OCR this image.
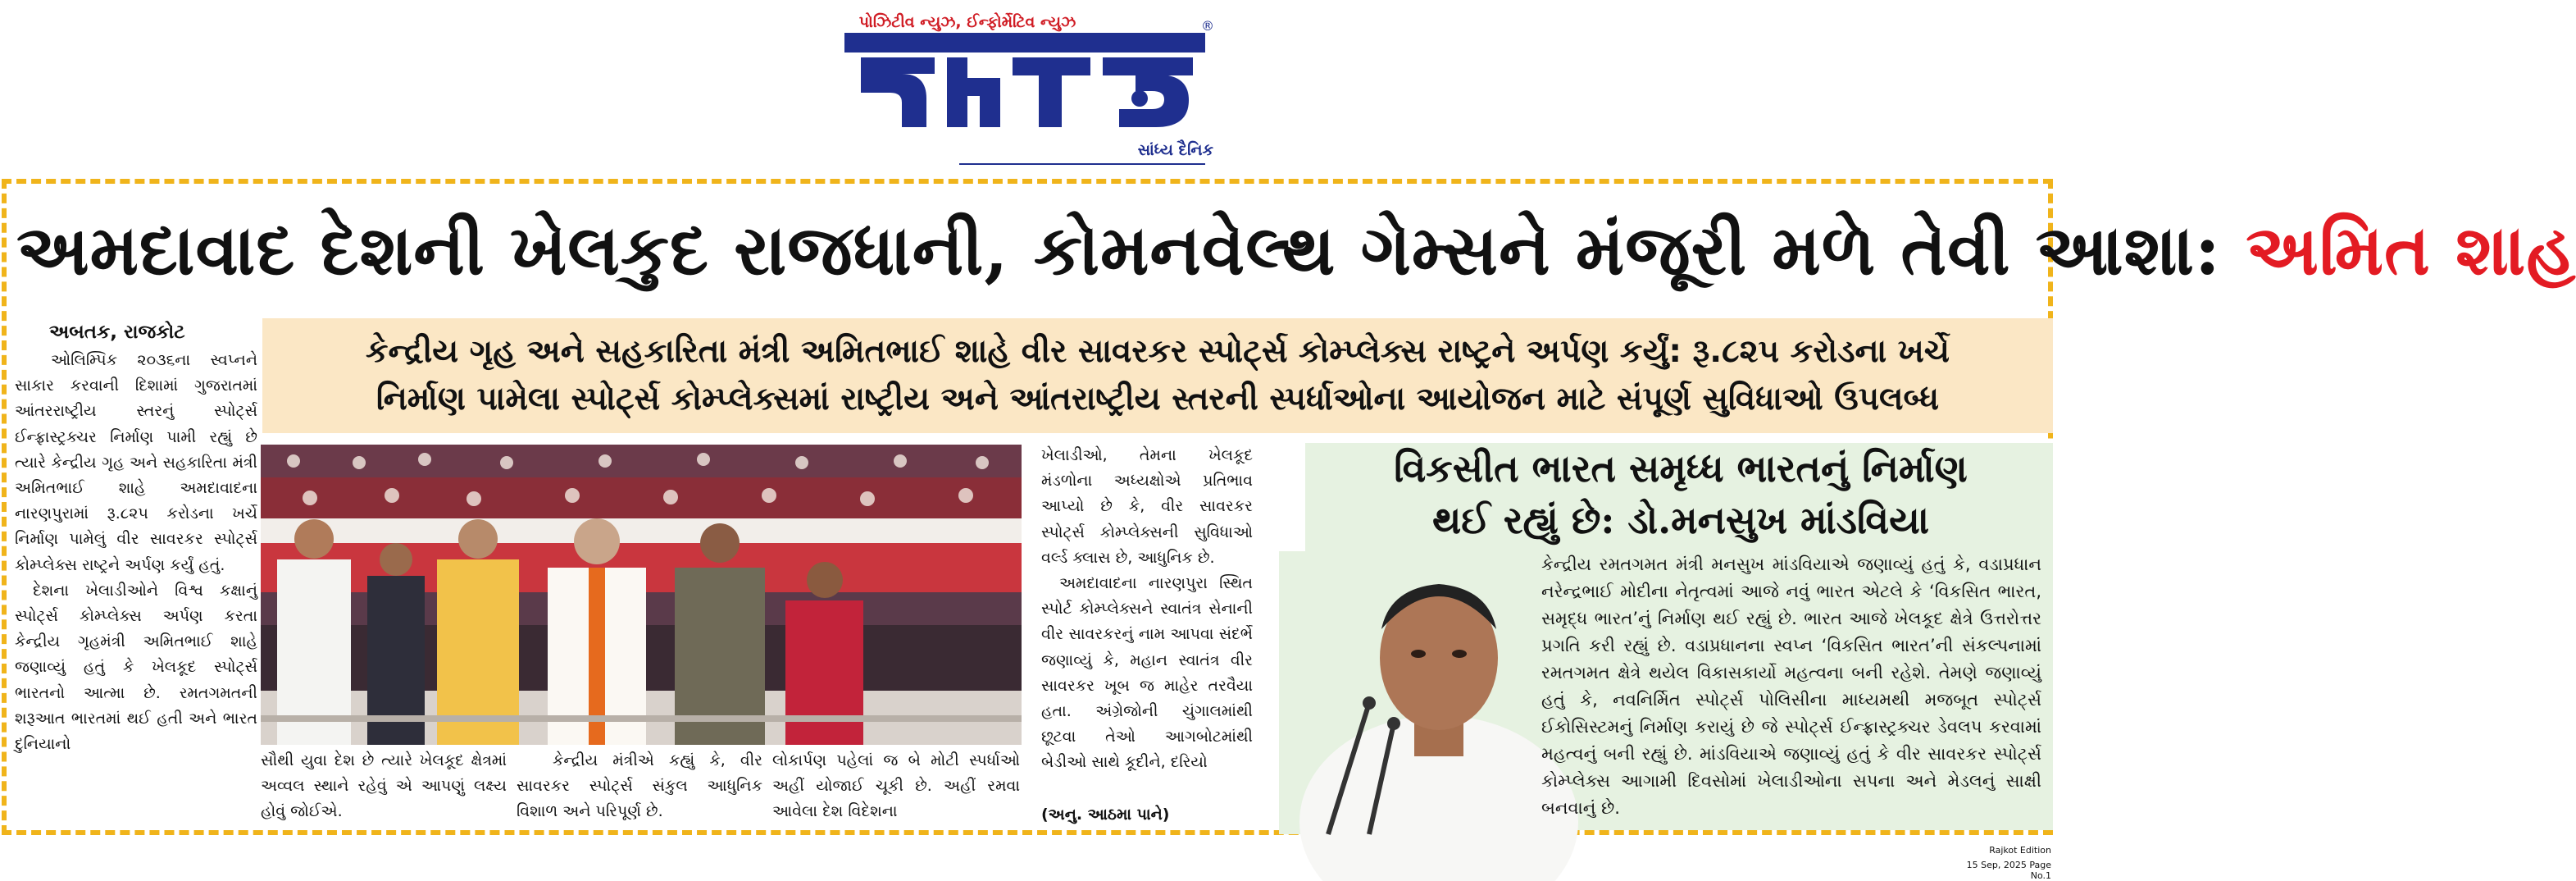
પોઝિટીવ ન્યુઝ, ઈન્ફોર્મેટિવ ન્યુઝ	®
સાંધ્ય દૈનિક
અમદાવાદ દેશની ખેલકુદ રાજધાની, કોમનવેલ્થ ગેમ્સને મંજૂરી મળે તેવી આશા: અમિત શાહ
કેન્દ્રીય ગૃહ અને સહકારિતા મંત્રી અમિતભાઈ શાહે વીર સાવરકર સ્પોર્ટ્સ કોમ્પ્લેક્સ રાષ્ટ્રને અર્પણ કર્યું: રૂ.૮૨૫ કરોડના ખર્ચે
નિર્માણ પામેલા સ્પોર્ટ્સ કોમ્પ્લેક્સમાં રાષ્ટ્રીય અને આંતરાષ્ટ્રીય સ્તરની સ્પર્ધાઓના આયોજન માટે સંપૂર્ણ સુવિધાઓ ઉપલબ્ધ
અબતક, રાજકોટ

ઓલિમ્પિક ૨૦૩૬ના સ્વપ્નને સાકાર કરવાની દિશામાં ગુજરાતમાં આંતરરાષ્ટ્રીય સ્તરનું સ્પોર્ટ્સ ઈન્ફ્રાસ્ટ્રક્ચર નિર્માણ પામી રહ્યું છે ત્યારે કેન્દ્રીય ગૃહ અને સહકારિતા મંત્રી અમિતભાઈ શાહે અમદાવાદના નારણપુરામાં રૂ.૮૨૫ કરોડના ખર્ચે નિર્માણ પામેલું વીર સાવરકર સ્પોર્ટ્સ કોમ્પ્લેક્સ રાષ્ટ્રને અર્પણ કર્યું હતું.

દેશના ખેલાડીઓને વિશ્વ કક્ષાનું સ્પોર્ટ્સ કોમ્પ્લેક્સ અર્પણ કરતા કેન્દ્રીય ગૃહમંત્રી અમિતભાઈ શાહે જણાવ્યું હતું કે ખેલકૂદ સ્પોર્ટ્સ ભારતનો આત્મા છે. રમતગમતની શરૂઆત ભારતમાં થઈ હતી અને ભારત દુનિયાનો

સૌથી યુવા દેશ છે ત્યારે ખેલકૂદ ક્ષેત્રમાં અવ્વલ સ્થાને રહેવું એ આપણું લક્ષ્ય હોવું જોઈએ.
કેન્દ્રીય મંત્રીએ કહ્યું કે, વીર સાવરકર સ્પોર્ટ્સ સંકુલ આધુનિક વિશાળ અને પરિપૂર્ણ છે.
લોકાર્પણ પહેલાં જ બે મોટી સ્પર્ધાઓ અહીં યોજાઈ ચૂકી છે. અહીં રમવા આવેલા દેશ વિદેશના

ખેલાડીઓ, તેમના ખેલકૂદ મંડળોના અધ્યક્ષોએ પ્રતિભાવ આપ્યો છે કે, વીર સાવરકર સ્પોર્ટ્સ કોમ્પ્લેક્સની સુવિધાઓ વર્લ્ડ ક્લાસ છે, આધુનિક છે.

અમદાવાદના નારણપુરા સ્થિત સ્પોર્ટ કોમ્પ્લેક્સને સ્વાતંત્ર સેનાની વીર સાવરકરનું નામ આપવા સંદર્ભે જણાવ્યું કે, મહાન સ્વાતંત્ર વીર સાવરકર ખૂબ જ માહેર તરવૈયા હતા. અંગ્રેજોની ચુંગાલમાંથી છૂટવા તેઓ આગબોટમાંથી બેડીઓ સાથે કૂદીને, દરિયો

(અનુ. આઠમા પાને)
વિકસીત ભારત સમૃધ્ધ ભારતનું નિર્માણ
થઈ રહ્યું છે: ડો.મનસુખ માંડવિયા
કેન્દ્રીય રમતગમત મંત્રી મનસુખ માંડવિયાએ જણાવ્યું હતું કે, વડાપ્રધાન નરેન્દ્રભાઈ મોદીના નેતૃત્વમાં આજે નવું ભારત એટલે કે ‘વિકસિત ભારત, સમૃદ્ધ ભારત’નું નિર્માણ થઈ રહ્યું છે. ભારત આજે ખેલકૂદ ક્ષેત્રે ઉત્તરોત્તર પ્રગતિ કરી રહ્યું છે. વડાપ્રધાનના સ્વપ્ન ‘વિકસિત ભારત’ની સંકલ્પનામાં રમતગમત ક્ષેત્રે થયેલ વિકાસકાર્યો મહત્વના બની રહેશે. તેમણે જણાવ્યું હતું કે, નવનિર્મિત સ્પોર્ટ્સ પોલિસીના માધ્યમથી મજબૂત સ્પોર્ટ્સ ઈકોસિસ્ટમનું નિર્માણ કરાયું છે જે સ્પોર્ટ્સ ઈન્ફ્રાસ્ટ્રક્ચર ડેવલપ કરવામાં મહત્વનું બની રહ્યું છે. માંડવિયાએ જણાવ્યું હતું કે વીર સાવરકર સ્પોર્ટ્સ કોમ્પ્લેક્સ આગામી દિવસોમાં ખેલાડીઓના સપના અને મેડલનું સાક્ષી બનવાનું છે.
Rajkot Edition
15 Sep, 2025 Page No.1
